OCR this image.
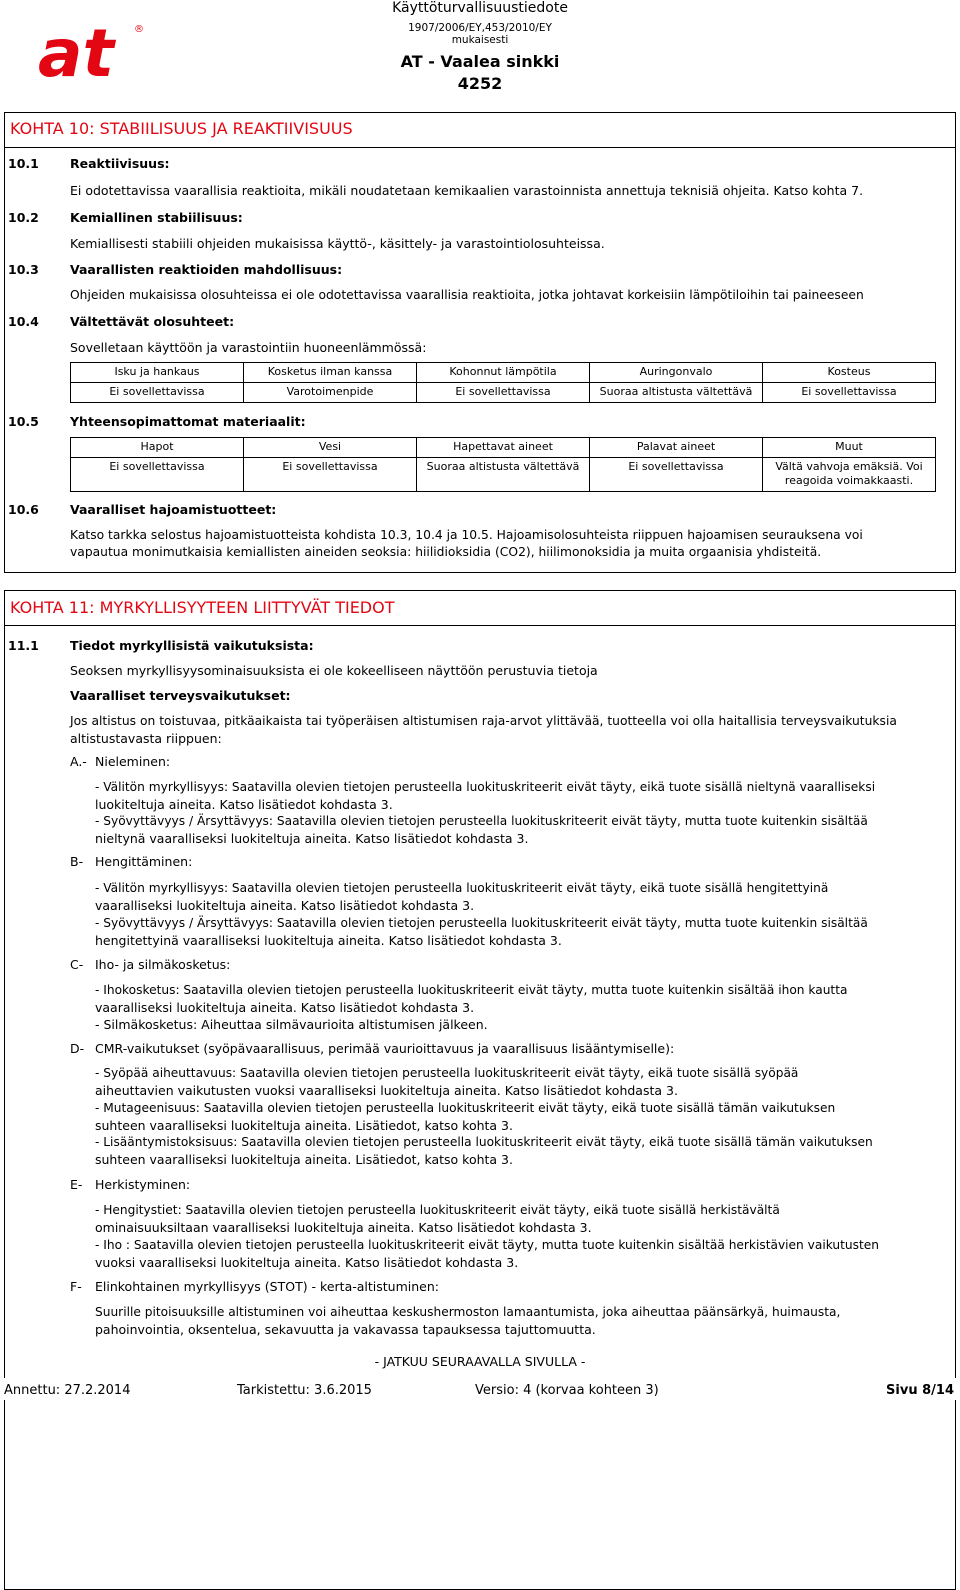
at ®
Käyttöturvallisuustiedote
1907/2006/EY,453/2010/EY mukaisesti
AT - Vaalea sinkki
4252
KOHTA 10: STABIILISUUS JA REAKTIIVISUUS
10.1 Reaktiivisuus:
Ei odotettavissa vaarallisia reaktioita, mikäli noudatetaan kemikaalien varastoinnista annettuja teknisiä ohjeita. Katso kohta 7.
10.2 Kemiallinen stabiilisuus:
Kemiallisesti stabiili ohjeiden mukaisissa käyttö-, käsittely- ja varastointiolosuhteissa.
10.3 Vaarallisten reaktioiden mahdollisuus:
Ohjeiden mukaisissa olosuhteissa ei ole odotettavissa vaarallisia reaktioita, jotka johtavat korkeisiin lämpötiloihin tai paineeseen
10.4 Vältettävät olosuhteet:
Sovelletaan käyttöön ja varastointiin huoneenlämmössä:
Isku ja hankaus	Kosketus ilman kanssa	Kohonnut lämpötila	Auringonvalo	Kosteus
Ei sovellettavissa	Varotoimenpide	Ei sovellettavissa	Suoraa altistusta vältettävä	Ei sovellettavissa
10.5 Yhteensopimattomat materiaalit:
Hapot	Vesi	Hapettavat aineet	Palavat aineet	Muut
Ei sovellettavissa	Ei sovellettavissa	Suoraa altistusta vältettävä	Ei sovellettavissa	Vältä vahvoja emäksiä. Voi reagoida voimakkaasti.
10.6 Vaaralliset hajoamistuotteet:
Katso tarkka selostus hajoamistuotteista kohdista 10.3, 10.4 ja 10.5. Hajoamisolosuhteista riippuen hajoamisen seurauksena voi
vapautua monimutkaisia kemiallisten aineiden seoksia: hiilidioksidia (CO2), hiilimonoksidia ja muita orgaanisia yhdisteitä.
KOHTA 11: MYRKYLLISYYTEEN LIITTYVÄT TIEDOT
11.1 Tiedot myrkyllisistä vaikutuksista:
Seoksen myrkyllisyysominaisuuksista ei ole kokeelliseen näyttöön perustuvia tietoja
Vaaralliset terveysvaikutukset:
Jos altistus on toistuvaa, pitkäaikaista tai työperäisen altistumisen raja-arvot ylittävää, tuotteella voi olla haitallisia terveysvaikutuksia
altistustavasta riippuen:
A.- Nieleminen:
- Välitön myrkyllisyys: Saatavilla olevien tietojen perusteella luokituskriteerit eivät täyty, eikä tuote sisällä nieltynä vaaralliseksi
luokiteltuja aineita. Katso lisätiedot kohdasta 3.
- Syövyttävyys / Ärsyttävyys: Saatavilla olevien tietojen perusteella luokituskriteerit eivät täyty, mutta tuote kuitenkin sisältää
nieltynä vaaralliseksi luokiteltuja aineita. Katso lisätiedot kohdasta 3.
B- Hengittäminen:
- Välitön myrkyllisyys: Saatavilla olevien tietojen perusteella luokituskriteerit eivät täyty, eikä tuote sisällä hengitettyinä
vaaralliseksi luokiteltuja aineita. Katso lisätiedot kohdasta 3.
- Syövyttävyys / Ärsyttävyys: Saatavilla olevien tietojen perusteella luokituskriteerit eivät täyty, mutta tuote kuitenkin sisältää
hengitettyinä vaaralliseksi luokiteltuja aineita. Katso lisätiedot kohdasta 3.
C- Iho- ja silmäkosketus:
- Ihokosketus: Saatavilla olevien tietojen perusteella luokituskriteerit eivät täyty, mutta tuote kuitenkin sisältää ihon kautta
vaaralliseksi luokiteltuja aineita. Katso lisätiedot kohdasta 3.
- Silmäkosketus: Aiheuttaa silmävaurioita altistumisen jälkeen.
D- CMR-vaikutukset (syöpävaarallisuus, perimää vaurioittavuus ja vaarallisuus lisääntymiselle):
- Syöpää aiheuttavuus: Saatavilla olevien tietojen perusteella luokituskriteerit eivät täyty, eikä tuote sisällä syöpää
aiheuttavien vaikutusten vuoksi vaaralliseksi luokiteltuja aineita. Katso lisätiedot kohdasta 3.
- Mutageenisuus: Saatavilla olevien tietojen perusteella luokituskriteerit eivät täyty, eikä tuote sisällä tämän vaikutuksen
suhteen vaaralliseksi luokiteltuja aineita. Lisätiedot, katso kohta 3.
- Lisääntymistoksisuus: Saatavilla olevien tietojen perusteella luokituskriteerit eivät täyty, eikä tuote sisällä tämän vaikutuksen
suhteen vaaralliseksi luokiteltuja aineita. Lisätiedot, katso kohta 3.
E- Herkistyminen:
- Hengitystiet: Saatavilla olevien tietojen perusteella luokituskriteerit eivät täyty, eikä tuote sisällä herkistävältä
ominaisuuksiltaan vaaralliseksi luokiteltuja aineita. Katso lisätiedot kohdasta 3.
- Iho : Saatavilla olevien tietojen perusteella luokituskriteerit eivät täyty, mutta tuote kuitenkin sisältää herkistävien vaikutusten
vuoksi vaaralliseksi luokiteltuja aineita. Katso lisätiedot kohdasta 3.
F- Elinkohtainen myrkyllisyys (STOT) - kerta-altistuminen:
Suurille pitoisuuksille altistuminen voi aiheuttaa keskushermoston lamaantumista, joka aiheuttaa päänsärkyä, huimausta,
pahoinvointia, oksentelua, sekavuutta ja vakavassa tapauksessa tajuttomuutta.
- JATKUU SEURAAVALLA SIVULLA -
Annettu: 27.2.2014	Tarkistettu: 3.6.2015	Versio: 4 (korvaa kohteen 3)	Sivu 8/14
